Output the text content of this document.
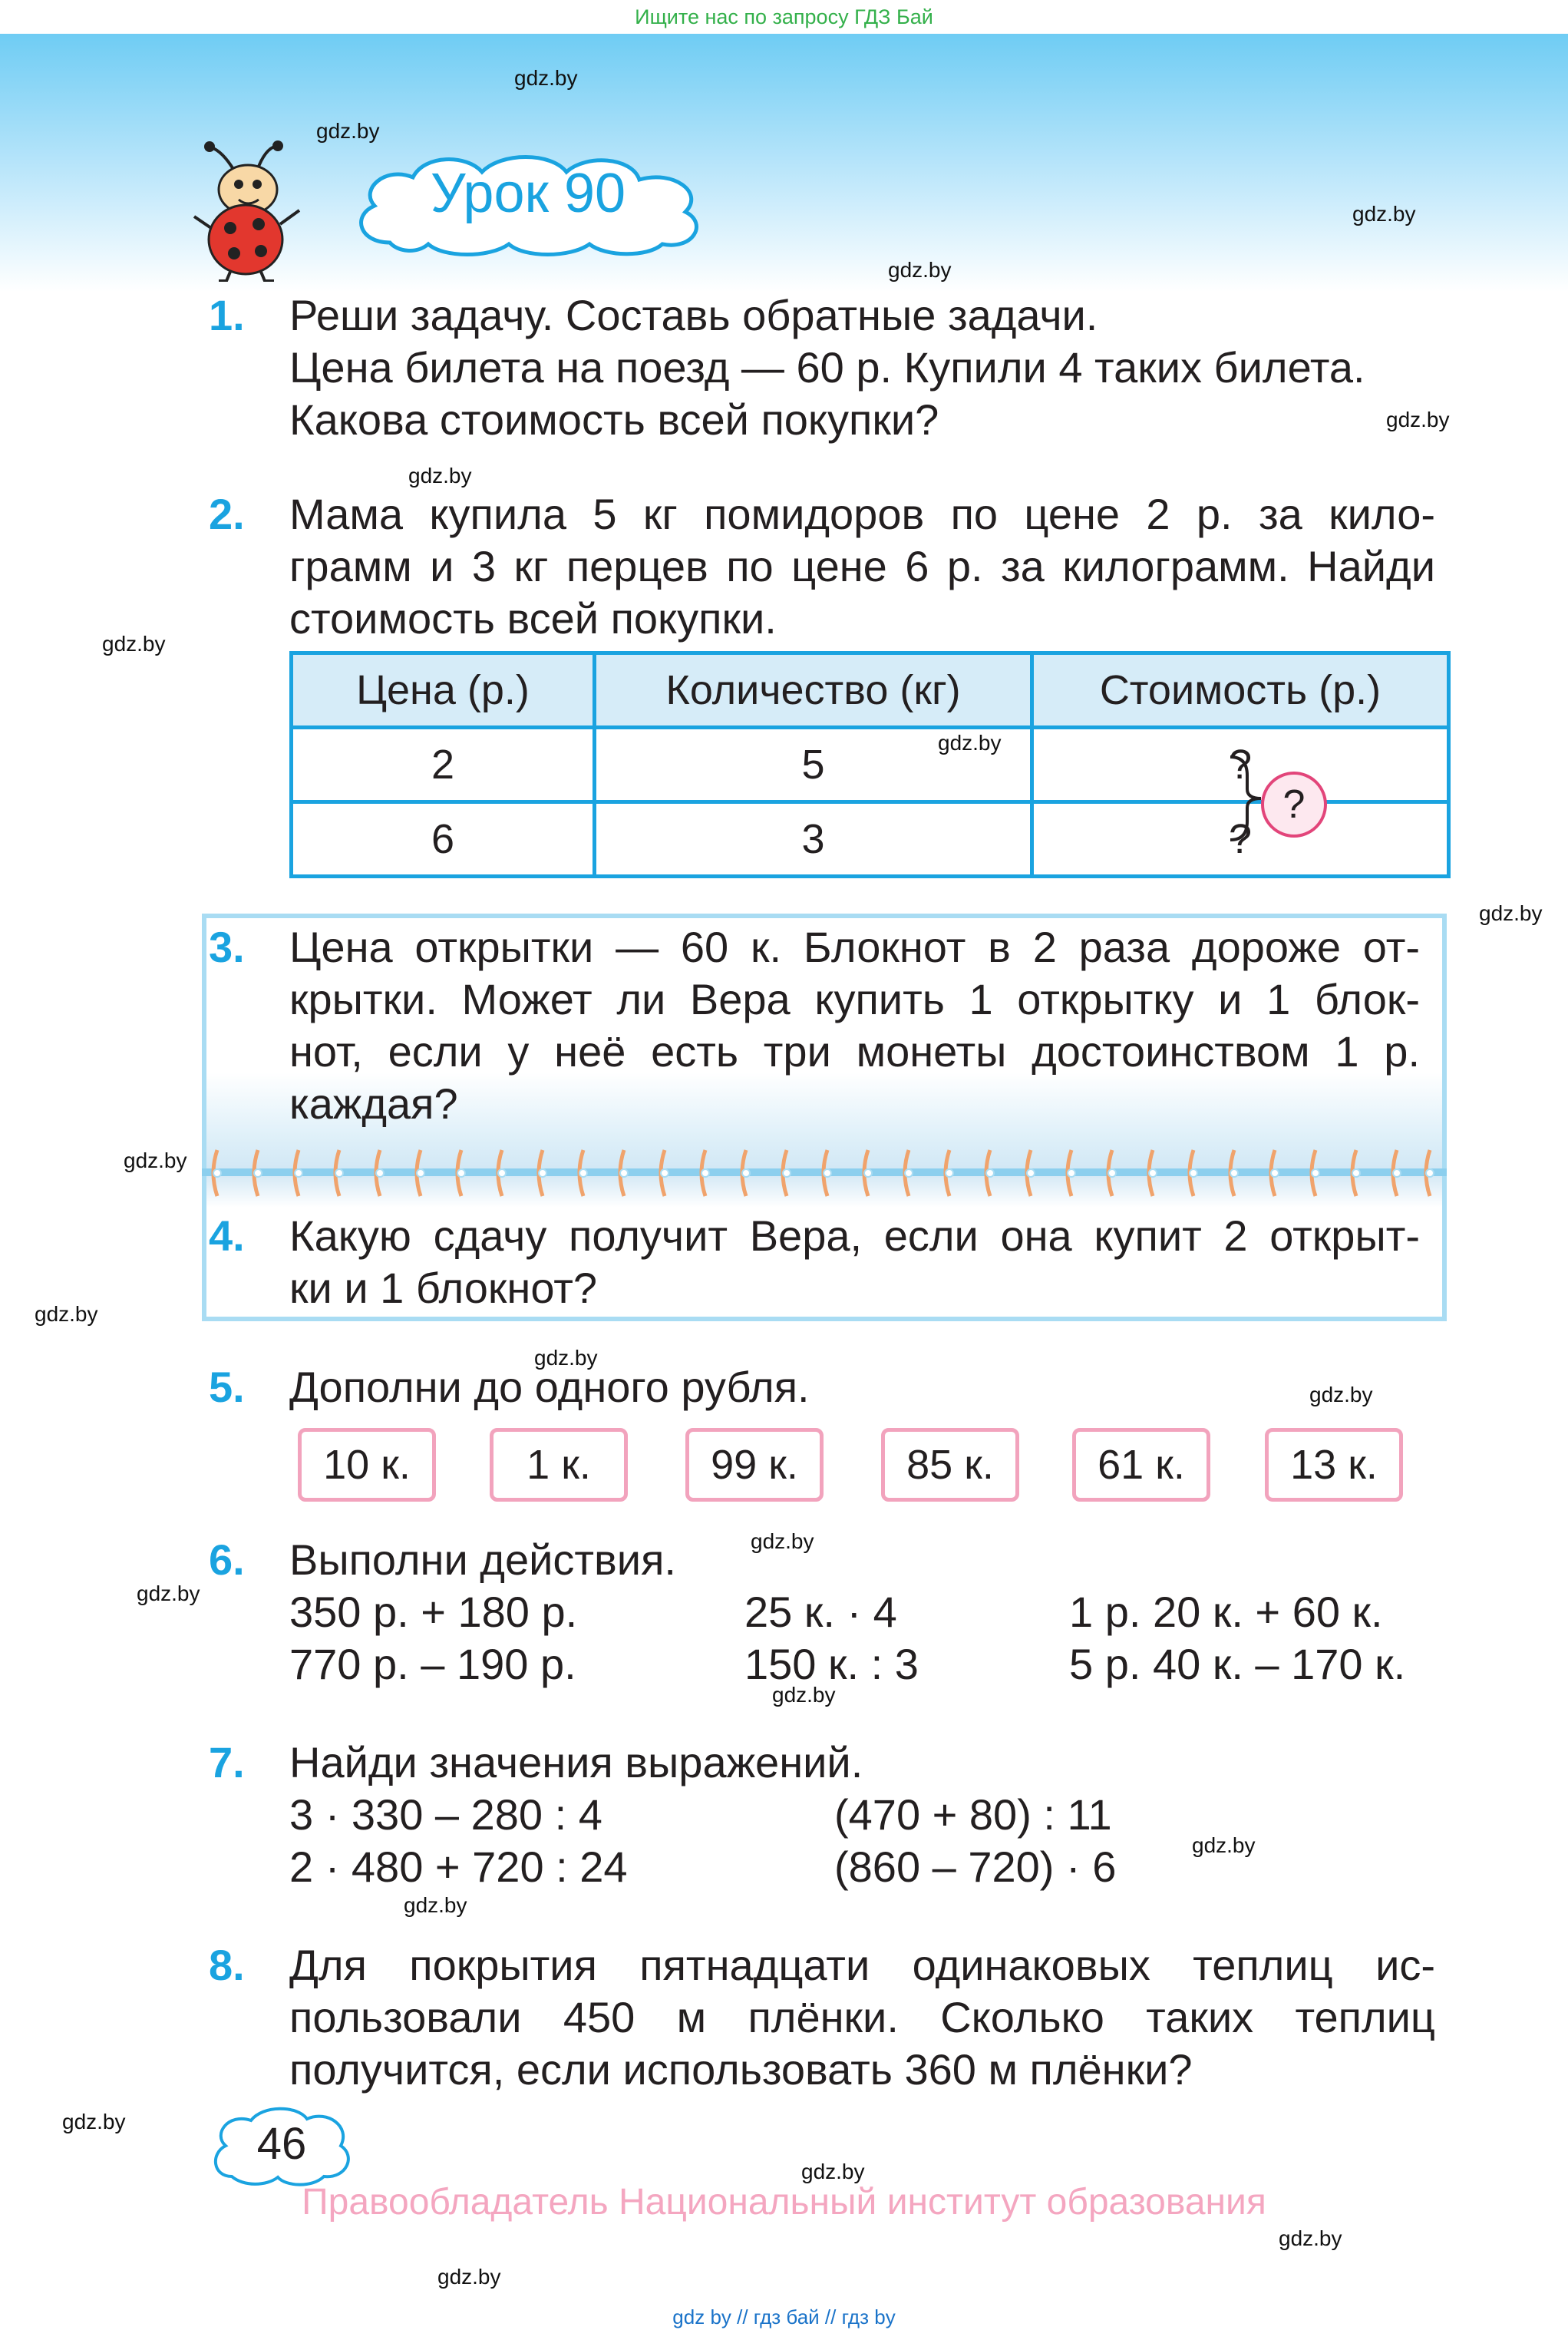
Ищите нас по запросу ГДЗ Бай
Урок 90
gdz.by
gdz.by
gdz.by
gdz.by
gdz.by
gdz.by
gdz.by
gdz.by
gdz.by
gdz.by
gdz.by
gdz.by
gdz.by
gdz.by
gdz.by
gdz.by
gdz.by
gdz.by
gdz.by
gdz.by
gdz.by
gdz.by
1. Реши задачу. Составь обратные задачи.
Цена билета на поезд — 60 р. Купили 4 таких билета.
Какова стоимость всей покупки?
2. Мама купила 5 кг помидоров по цене 2 р. за кило-
грамм и 3 кг перцев по цене 6 р. за килограмм. Найди
стоимость всей покупки.
Цена (р.)	Количество (кг)	Стоимость (р.)
2	5	?
6	3	?
?
3. Цена открытки — 60 к. Блокнот в 2 раза дороже от-
крытки. Может ли Вера купить 1 открытку и 1 блок-
нот, если у неё есть три монеты достоинством 1 р.
каждая?
4. Какую сдачу получит Вера, если она купит 2 открыт-
ки и 1 блокнот?
5. Дополни до одного рубля.
10 к.	1 к.	99 к.	85 к.	61 к.	13 к.
6. Выполни действия.
350 р. + 180 р.
770 р. – 190 р.
25 к. · 4
150 к. : 3
1 р. 20 к. + 60 к.
5 р. 40 к. – 170 к.
7. Найди значения выражений.
3 · 330 – 280 : 4
2 · 480 + 720 : 24
(470 + 80) : 11
(860 – 720) · 6
8. Для покрытия пятнадцати одинаковых теплиц ис-
пользовали 450 м плёнки. Сколько таких теплиц
получится, если использовать 360 м плёнки?
46
Правообладатель Национальный институт образования
gdz by // гдз бай // гдз by
